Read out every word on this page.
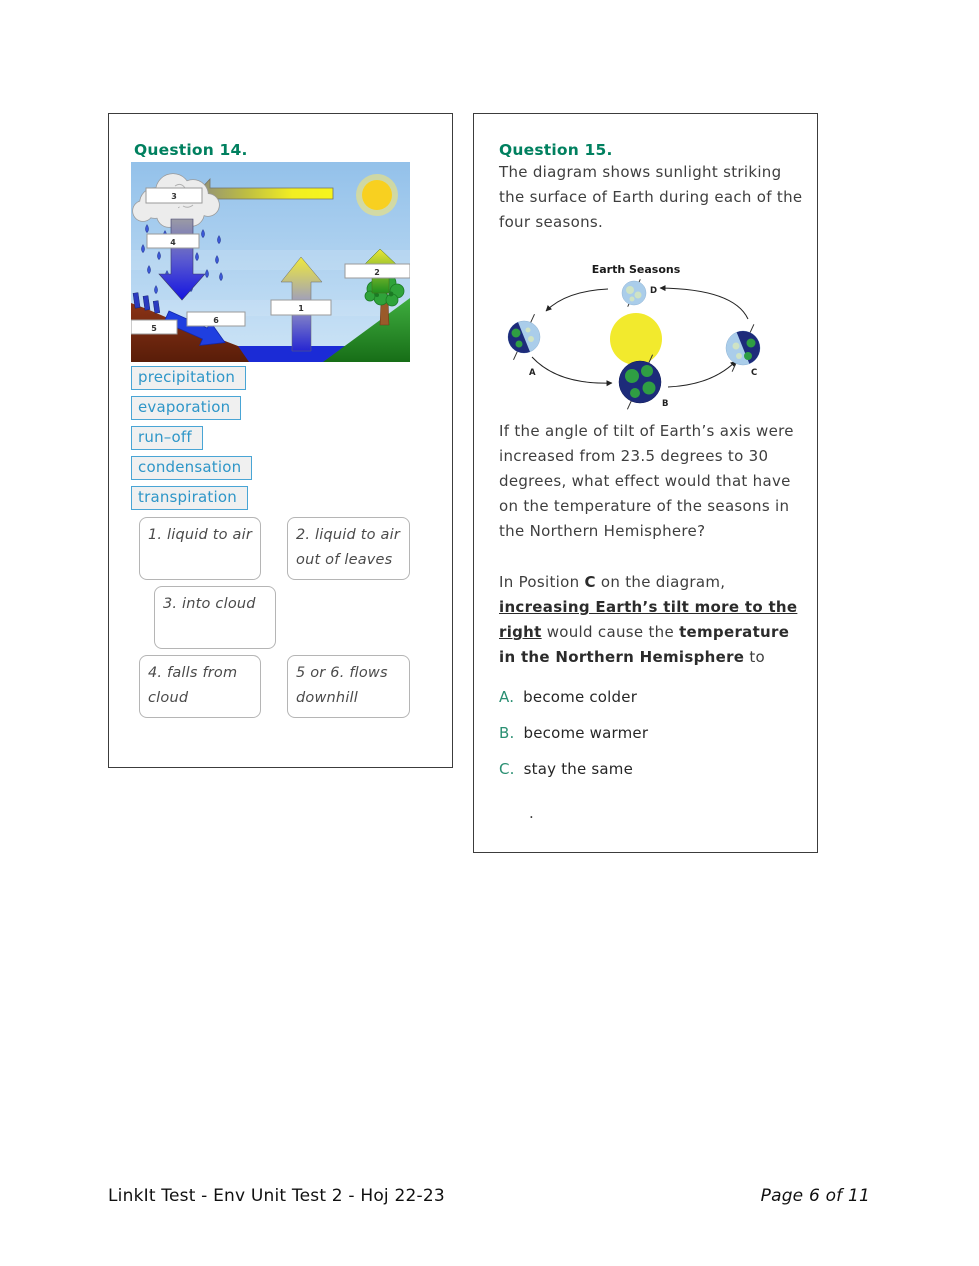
Question 14.
3
4
1
2
5
6
precipitation
evaporation
run–off
condensation
transpiration
1. liquid to air	2. liquid to air out of leaves
3. into cloud
4. falls from cloud
5 or 6. flows downhill
Question 15.

The diagram shows sunlight striking the surface of Earth during each of the four seasons.

Earth Seasons
A
B
C
D

If the angle of tilt of Earth’s axis were increased from 23.5 degrees to 30 degrees, what effect would that have on the temperature of the seasons in the Northern Hemisphere?

In Position C on the diagram, increasing Earth’s tilt more to the right would cause the temperature in the Northern Hemisphere to

A. become colder
B. become warmer
C. stay the same
.
LinkIt Test - Env Unit Test 2 - Hoj 22-23	Page 6 of 11
